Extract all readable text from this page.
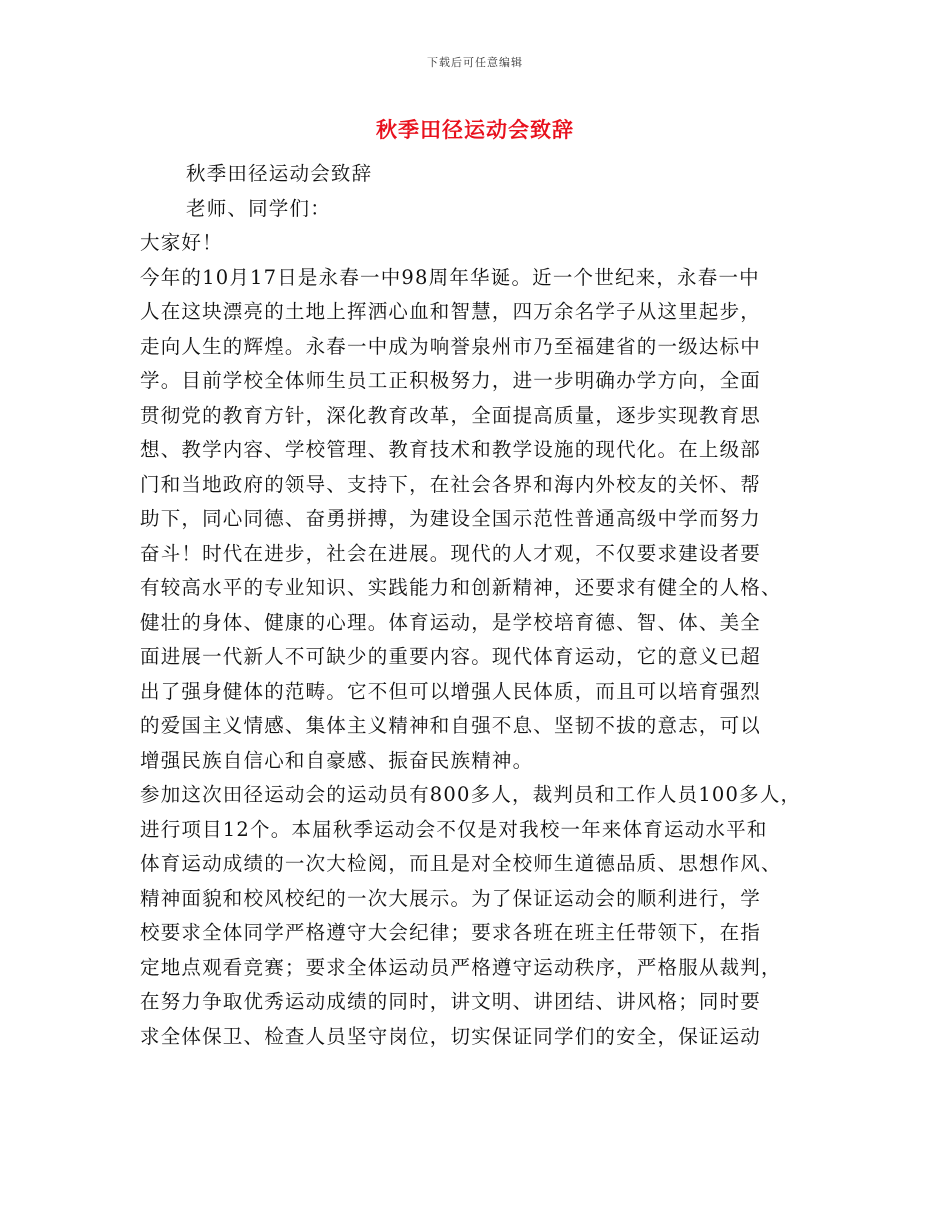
下载后可任意编辑
秋季田径运动会致辞
秋季田径运动会致辞
老师、同学们：
大家好！
今年的10月17日是永春一中98周年华诞。近一个世纪来，永春一中
人在这块漂亮的土地上挥洒心血和智慧，四万余名学子从这里起步，
走向人生的辉煌。永春一中成为响誉泉州市乃至福建省的一级达标中
学。目前学校全体师生员工正积极努力，进一步明确办学方向，全面
贯彻党的教育方针，深化教育改革，全面提高质量，逐步实现教育思
想、教学内容、学校管理、教育技术和教学设施的现代化。在上级部
门和当地政府的领导、支持下，在社会各界和海内外校友的关怀、帮
助下，同心同德、奋勇拼搏，为建设全国示范性普通高级中学而努力
奋斗！时代在进步，社会在进展。现代的人才观，不仅要求建设者要
有较高水平的专业知识、实践能力和创新精神，还要求有健全的人格、
健壮的身体、健康的心理。体育运动，是学校培育德、智、体、美全
面进展一代新人不可缺少的重要内容。现代体育运动，它的意义已超
出了强身健体的范畴。它不但可以增强人民体质，而且可以培育强烈
的爱国主义情感、集体主义精神和自强不息、坚韧不拔的意志，可以
增强民族自信心和自豪感、振奋民族精神。
参加这次田径运动会的运动员有800多人，裁判员和工作人员100多人，
进行项目12个。本届秋季运动会不仅是对我校一年来体育运动水平和
体育运动成绩的一次大检阅，而且是对全校师生道德品质、思想作风、
精神面貌和校风校纪的一次大展示。为了保证运动会的顺利进行，学
校要求全体同学严格遵守大会纪律；要求各班在班主任带领下，在指
定地点观看竞赛；要求全体运动员严格遵守运动秩序，严格服从裁判，
在努力争取优秀运动成绩的同时，讲文明、讲团结、讲风格；同时要
求全体保卫、检查人员坚守岗位，切实保证同学们的安全，保证运动
